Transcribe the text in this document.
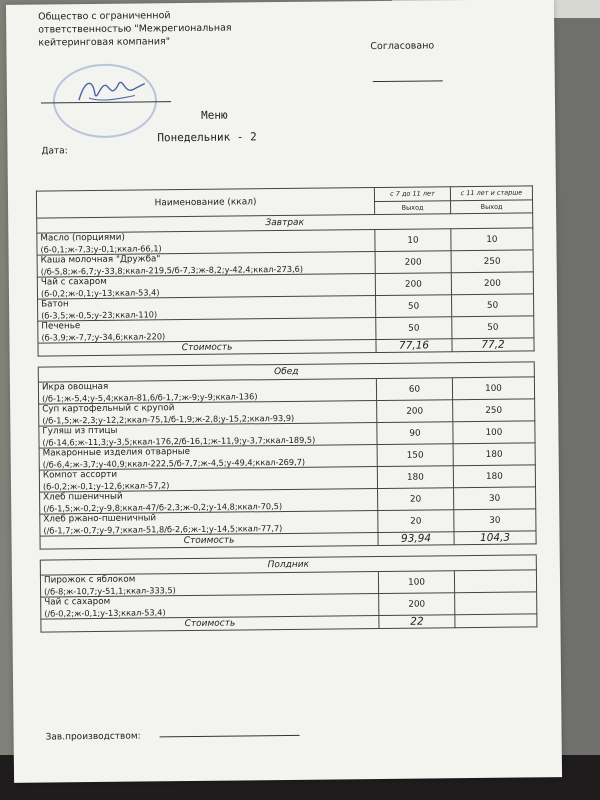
Общество с ограниченной
ответственностью "Межрегиональная
кейтеринговая компания"	Согласовано
Меню
Понедельник - 2
Дата:
Наименование (ккал)	с 7 до 11 лет	с 11 лет и старше
	Выход	Выход
Завтрак		

Масло (порциями)
(б-0,1;ж-7,3;у-0,1;ккал-66,1)	10	10

Каша молочная "Дружба"
(/б-5,8;ж-6,7;у-33,8;ккал-219,5/б-7,3;ж-8,2;у-42,4;ккал-273,6)	200	250

Чай с сахаром
(б-0,2;ж-0,1;у-13;ккал-53,4)	200	200

Батон
(б-3,5;ж-0,5;у-23;ккал-110)	50	50

Печенье
(б-3,9;ж-7,7;у-34,6;ккал-220)	50	50
Стоимость	77,16	77,2

Обед		

Икра овощная
(/б-1;ж-5,4;у-5,4;ккал-81,6/б-1,7;ж-9;у-9;ккал-136)	60	100

Суп картофельный с крупой
(/б-1,5;ж-2,3;у-12,2;ккал-75,1/б-1,9;ж-2,8;у-15,2;ккал-93,9)	200	250

Гуляш из птицы
(/б-14,6;ж-11,3;у-3,5;ккал-176,2/б-16,1;ж-11,9;у-3,7;ккал-189,5)	90	100

Макаронные изделия отварные
(/б-6,4;ж-3,7;у-40,9;ккал-222,5/б-7,7;ж-4,5;у-49,4;ккал-269,7)	150	180

Компот ассорти
(б-0,2;ж-0,1;у-12,6;ккал-57,2)	180	180

Хлеб пшеничный
(/б-1,5;ж-0,2;у-9,8;ккал-47/б-2,3;ж-0,2;у-14,8;ккал-70,5)	20	30

Хлеб ржано-пшеничный
(/б-1,7;ж-0,7;у-9,7;ккал-51,8/б-2,6;ж-1;у-14,5;ккал-77,7)	20	30
Стоимость	93,94	104,3

Полдник		

Пирожок с яблоком
(/б-8;ж-10,7;у-51,1;ккал-333,5)	100	

Чай с сахаром
(/б-0,2;ж-0,1;у-13;ккал-53,4)	200	
Стоимость	22	
Зав.производством:
